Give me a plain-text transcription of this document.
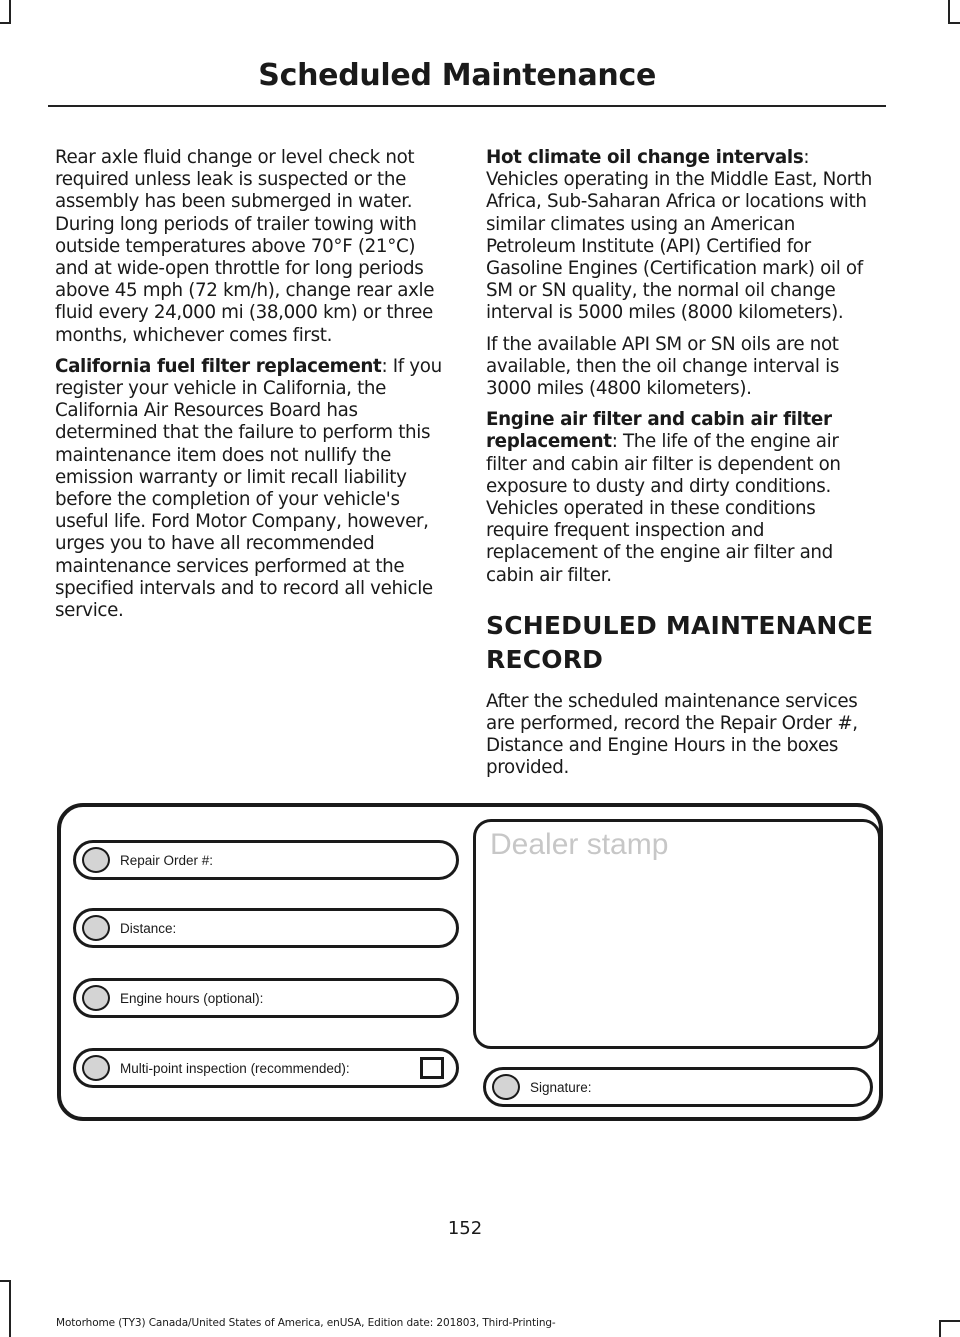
Scheduled Maintenance

Rear axle fluid change or level check not required unless leak is suspected or the assembly has been submerged in water. During long periods of trailer towing with outside temperatures above 70°F (21°C) and at wide-open throttle for long periods above 45 mph (72 km/h), change rear axle fluid every 24,000 mi (38,000 km) or three months, whichever comes first.

California fuel filter replacement: If you register your vehicle in California, the California Air Resources Board has determined that the failure to perform this maintenance item does not nullify the emission warranty or limit recall liability before the completion of your vehicle's useful life. Ford Motor Company, however, urges you to have all recommended maintenance services performed at the specified intervals and to record all vehicle service.

Hot climate oil change intervals: Vehicles operating in the Middle East, North Africa, Sub-Saharan Africa or locations with similar climates using an American Petroleum Institute (API) Certified for Gasoline Engines (Certification mark) oil of SM or SN quality, the normal oil change interval is 5000 miles (8000 kilometers).

If the available API SM or SN oils are not available, then the oil change interval is 3000 miles (4800 kilometers).

Engine air filter and cabin air filter replacement: The life of the engine air filter and cabin air filter is dependent on exposure to dusty and dirty conditions. Vehicles operated in these conditions require frequent inspection and replacement of the engine air filter and cabin air filter.

SCHEDULED MAINTENANCE RECORD

After the scheduled maintenance services are performed, record the Repair Order #, Distance and Engine Hours in the boxes provided.

Repair Order #:
Distance:
Engine hours (optional):
Multi-point inspection (recommended):
Dealer stamp
Signature:
152
Motorhome (TY3) Canada/United States of America, enUSA, Edition date: 201803, Third-Printing-
